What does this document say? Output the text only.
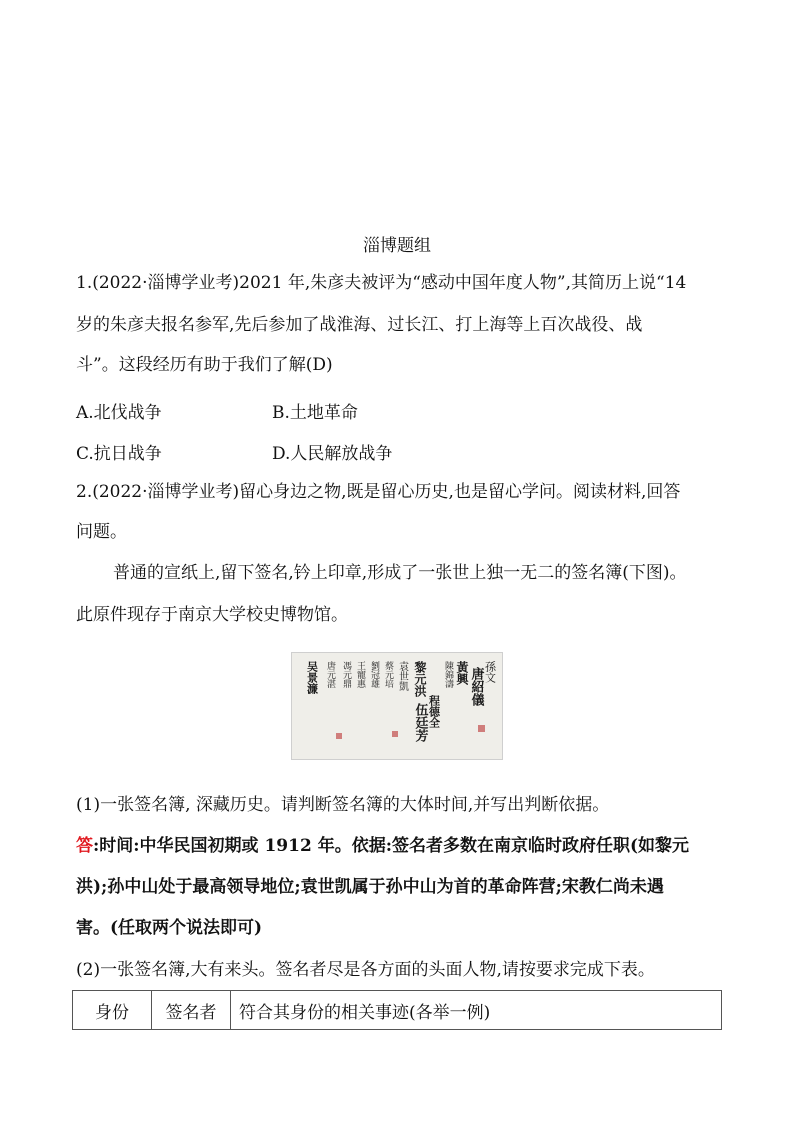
淄博题组
1.(2022·淄博学业考)2021 年,朱彦夫被评为“感动中国年度人物”,其简历上说“14
岁的朱彦夫报名参军,先后参加了战淮海、过长江、打上海等上百次战役、战
斗”。这段经历有助于我们了解(D)
A.北伐战争	B.土地革命
C.抗日战争	D.人民解放战争
2.(2022·淄博学业考)留心身边之物,既是留心历史,也是留心学问。阅读材料,回答
问题。
普通的宣纸上,留下签名,钤上印章,形成了一张世上独一无二的签名簿(下图)。
此原件现存于南京大学校史博物馆。
孫文
唐紹儀
黃興
陳錦濤
程德全
黎元洪
伍廷芳
袁世凱
蔡元培
劉冠雄
王寵惠
馮元鼎
唐元湛
吴景濂
(1)一张签名簿, 深藏历史。请判断签名簿的大体时间,并写出判断依据。
答:时间:中华民国初期或 1912 年。依据:签名者多数在南京临时政府任职(如黎元
洪);孙中山处于最高领导地位;袁世凯属于孙中山为首的革命阵营;宋教仁尚未遇
害。(任取两个说法即可)
(2)一张签名簿,大有来头。签名者尽是各方面的头面人物,请按要求完成下表。
身份	签名者	符合其身份的相关事迹(各举一例)
